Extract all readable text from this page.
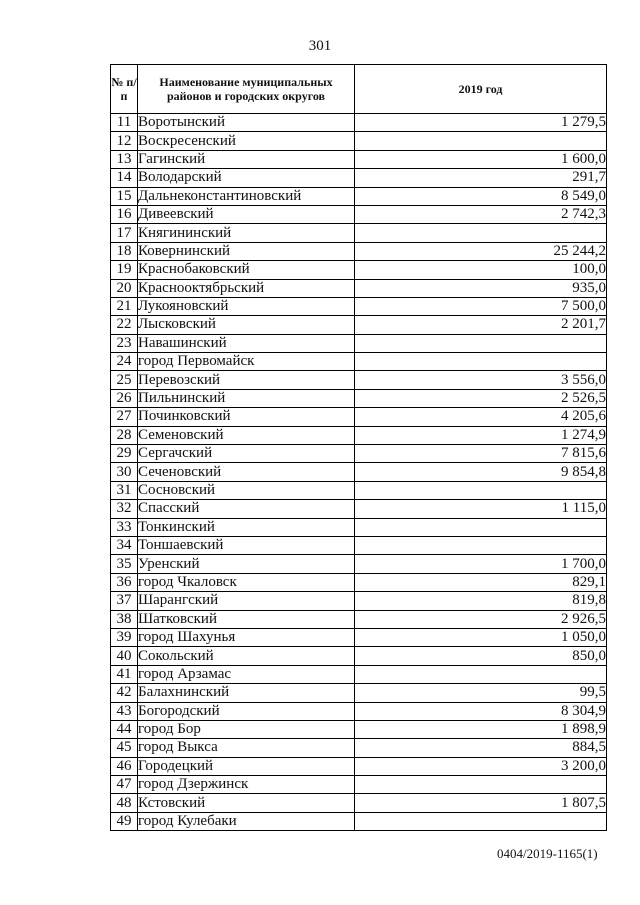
301
№ п/п	Наименование муниципальных районов и городских округов	2019 год
11	Воротынский	1 279,5
12	Воскресенский	
13	Гагинский	1 600,0
14	Володарский	291,7
15	Дальнеконстантиновский	8 549,0
16	Дивеевский	2 742,3
17	Княгининский	
18	Ковернинский	25 244,2
19	Краснобаковский	100,0
20	Краснооктябрьский	935,0
21	Лукояновский	7 500,0
22	Лысковский	2 201,7
23	Навашинский	
24	город Первомайск	
25	Перевозский	3 556,0
26	Пильнинский	2 526,5
27	Починковский	4 205,6
28	Семеновский	1 274,9
29	Сергачский	7 815,6
30	Сеченовский	9 854,8
31	Сосновский	
32	Спасский	1 115,0
33	Тонкинский	
34	Тоншаевский	
35	Уренский	1 700,0
36	город Чкаловск	829,1
37	Шарангский	819,8
38	Шатковский	2 926,5
39	город Шахунья	1 050,0
40	Сокольский	850,0
41	город Арзамас	
42	Балахнинский	99,5
43	Богородский	8 304,9
44	город Бор	1 898,9
45	город Выкса	884,5
46	Городецкий	3 200,0
47	город Дзержинск	
48	Кстовский	1 807,5
49	город Кулебаки	
0404/2019-1165(1)
